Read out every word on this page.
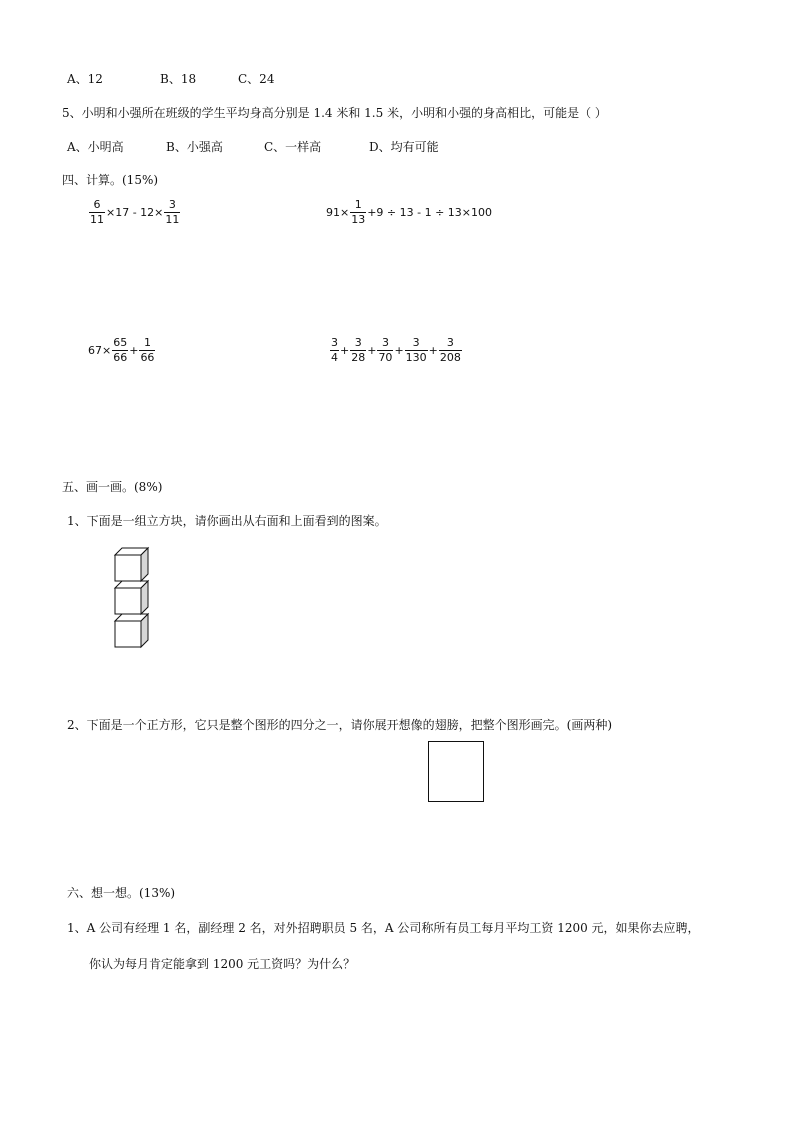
A、12	B、18	C、24
5、小明和小强所在班级的学生平均身高分别是 1.4 米和 1.5 米，小明和小强的身高相比，可能是（ ）
A、小明高	B、小强高	C、一样高	D、均有可能
四、计算。(15%)
$\frac{6}{11} \times 17 - 12\times \frac{3}{11}$	$91\times \frac{1}{13} +9 \div 13 - 1 \div 13\times 100$
$67\times \frac{65}{66} + \frac{1}{66}$	$\frac{3}{4} + \frac{3}{28} + \frac{3}{70} + \frac{3}{130} + \frac{3}{208}$
五、画一画。(8%)
1、下面是一组立方块，请你画出从右面和上面看到的图案。
2、下面是一个正方形，它只是整个图形的四分之一，请你展开想像的翅膀，把整个图形画完。(画两种)
六、想一想。(13%)
1、A 公司有经理 1 名，副经理 2 名，对外招聘职员 5 名，A 公司称所有员工每月平均工资 1200 元，如果你去应聘，
你认为每月肯定能拿到 1200 元工资吗？为什么？
